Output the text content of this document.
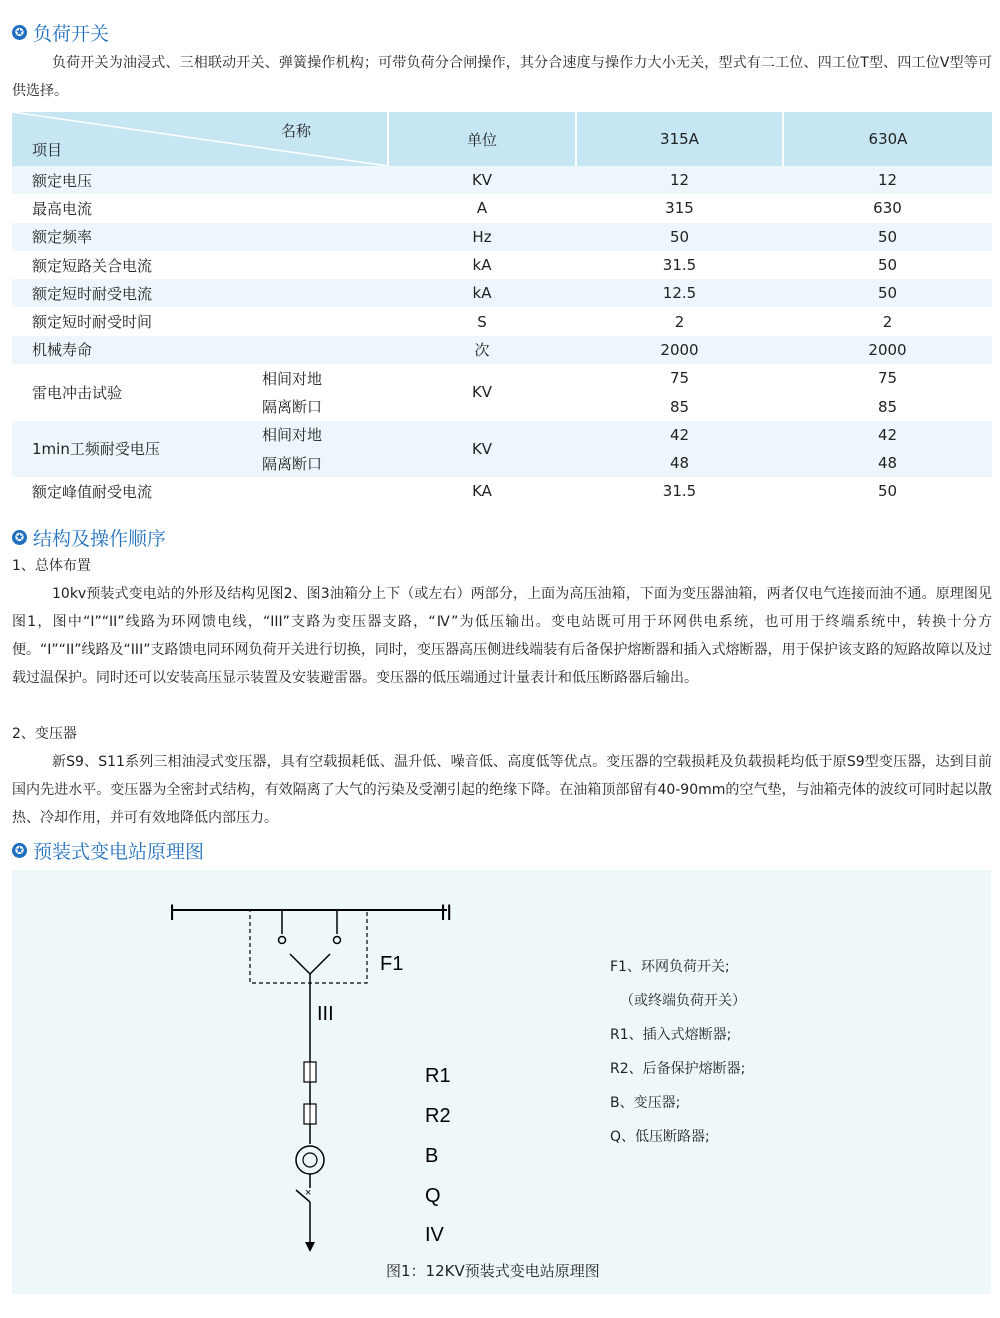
✪ 负荷开关
负荷开关为油浸式、三相联动开关、弹簧操作机构；可带负荷分合闸操作，其分合速度与操作力大小无关，型式有二工位、四工位T型、四工位V型等可供选择。
名称
项目		单位	315A	630A
额定电压		KV	12	12
最高电流		A	315	630
额定频率		Hz	50	50
额定短路关合电流		kA	31.5	50
额定短时耐受电流		kA	12.5	50
额定短时耐受时间		S	2	2
机械寿命		次	2000	2000
雷电冲击试验	相间对地	KV	75	75
	隔离断口		85	85
1min工频耐受电压	相间对地	KV	42	42
	隔离断口		48	48
额定峰值耐受电流		KA	31.5	50
✪ 结构及操作顺序
1、总体布置
10kv预装式变电站的外形及结构见图2、图3油箱分上下（或左右）两部分，上面为高压油箱，下面为变压器油箱，两者仅电气连接而油不通。原理图见图1，图中“I”“II”线路为环网馈电线，“III”支路为变压器支路，“Ⅳ”为低压输出。变电站既可用于环网供电系统，也可用于终端系统中，转换十分方便。“I”“II”线路及“III”支路馈电同环网负荷开关进行切换，同时，变压器高压侧进线端装有后备保护熔断器和插入式熔断器，用于保护该支路的短路故障以及过载过温保护。同时还可以安装高压显示装置及安装避雷器。变压器的低压端通过计量表计和低压断路器后输出。
2、变压器
新S9、S11系列三相油浸式变压器，具有空载损耗低、温升低、噪音低、高度低等优点。变压器的空载损耗及负载损耗均低于原S9型变压器，达到目前国内先进水平。变压器为全密封式结构，有效隔离了大气的污染及受潮引起的绝缘下降。在油箱顶部留有40-90mm的空气垫，与油箱壳体的波纹可同时起以散热、冷却作用，并可有效地降低内部压力。
✪ 预装式变电站原理图
I	II
F1
III
×
R1
R2
B
Q
IV
F1、环网负荷开关;
（或终端负荷开关）
R1、插入式熔断器;
R2、后备保护熔断器;
B、变压器;
Q、低压断路器;
图1：12KV预装式变电站原理图
